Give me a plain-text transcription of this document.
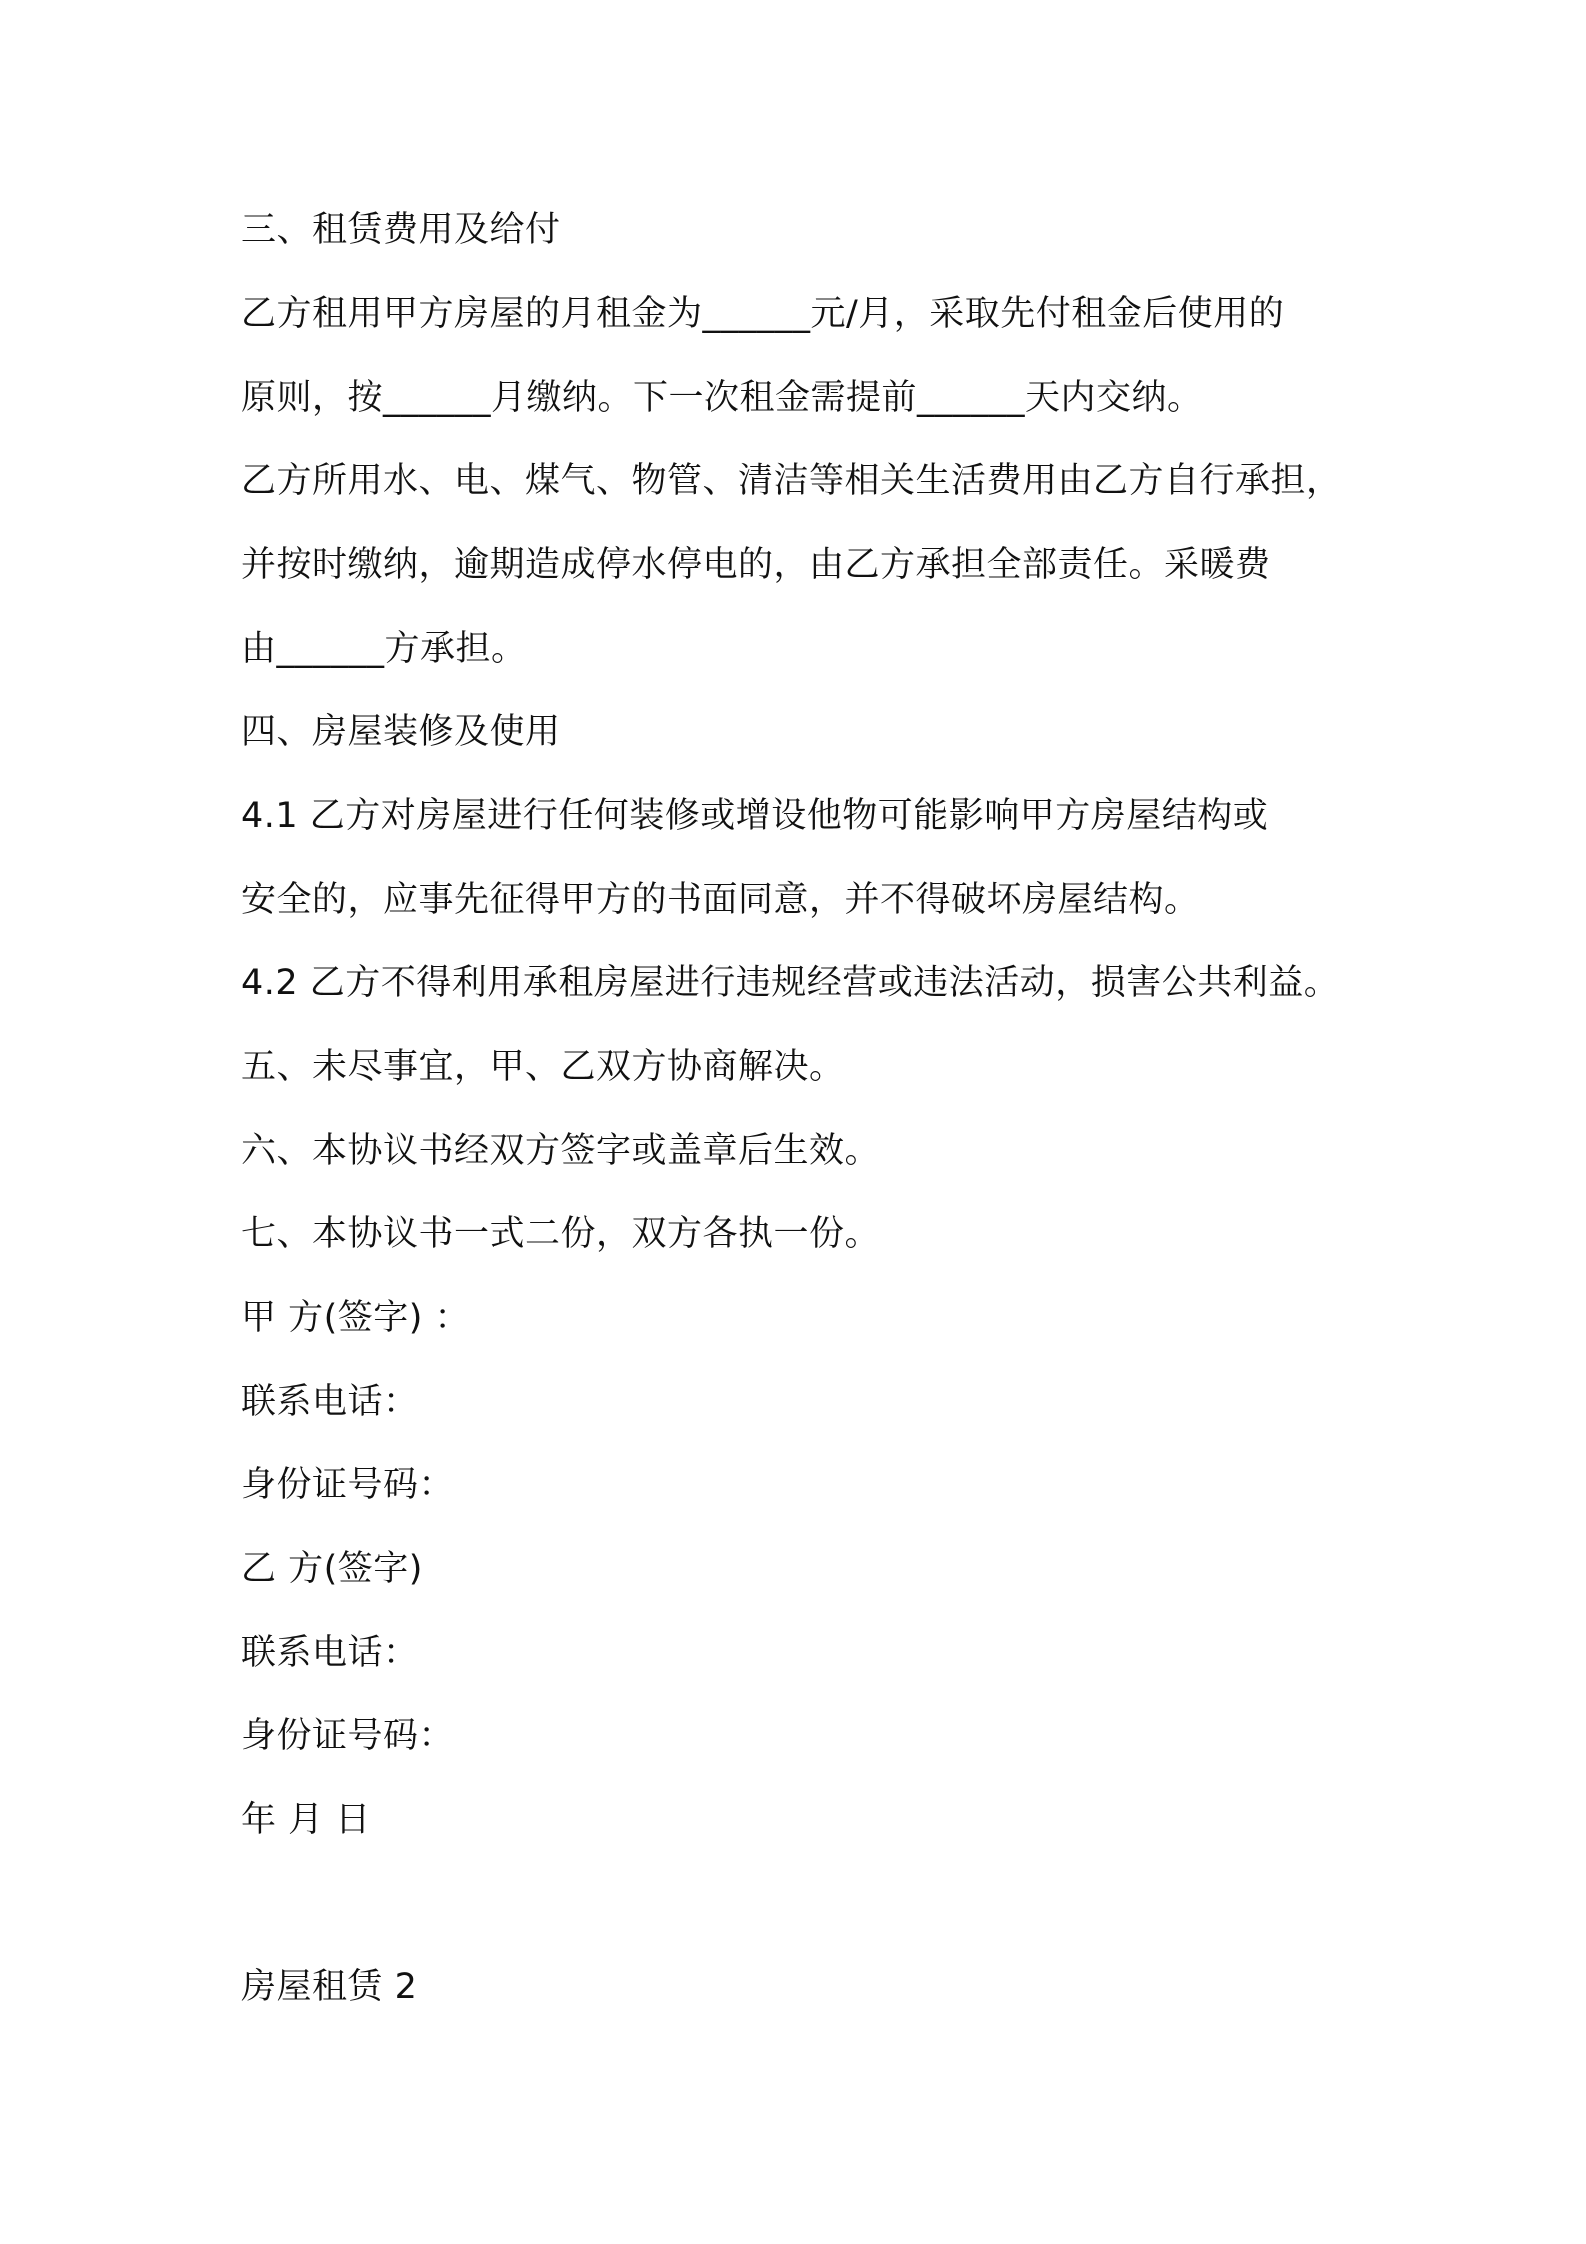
三、租赁费用及给付
乙方租用甲方房屋的月租金为______元/月，采取先付租金后使用的
原则，按______月缴纳。下一次租金需提前______天内交纳。
乙方所用水、电、煤气、物管、清洁等相关生活费用由乙方自行承担，
并按时缴纳，逾期造成停水停电的，由乙方承担全部责任。采暖费
由______方承担。
四、房屋装修及使用
4.1 乙方对房屋进行任何装修或增设他物可能影响甲方房屋结构或
安全的，应事先征得甲方的书面同意，并不得破坏房屋结构。
4.2 乙方不得利用承租房屋进行违规经营或违法活动，损害公共利益。
五、未尽事宜，甲、乙双方协商解决。
六、本协议书经双方签字或盖章后生效。
七、本协议书一式二份，双方各执一份。
甲 方(签字) ：
联系电话：
身份证号码：
乙 方(签字)
联系电话：
身份证号码：
年 月 日
房屋租赁 2
